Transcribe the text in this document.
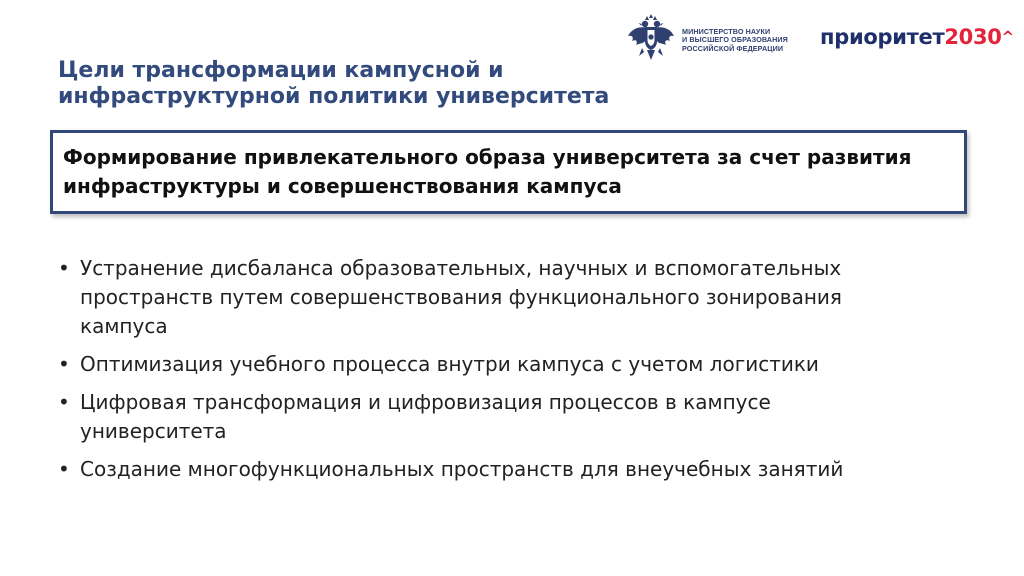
Цели трансформации кампусной и
инфраструктурной политики университета
МИНИСТЕРСТВО НАУКИ
И ВЫСШЕГО ОБРАЗОВАНИЯ
РОССИЙСКОЙ ФЕДЕРАЦИИ приоритет2030^

Формирование привлекательного образа университета за счет развития
инфраструктуры и совершенствования кампуса

• Устранение дисбаланса образовательных, научных и вспомогательных
пространств путем совершенствования функционального зонирования
кампуса
• Оптимизация учебного процесса внутри кампуса с учетом логистики
• Цифровая трансформация и цифровизация процессов в кампусе
университета
• Создание многофункциональных пространств для внеучебных занятий
